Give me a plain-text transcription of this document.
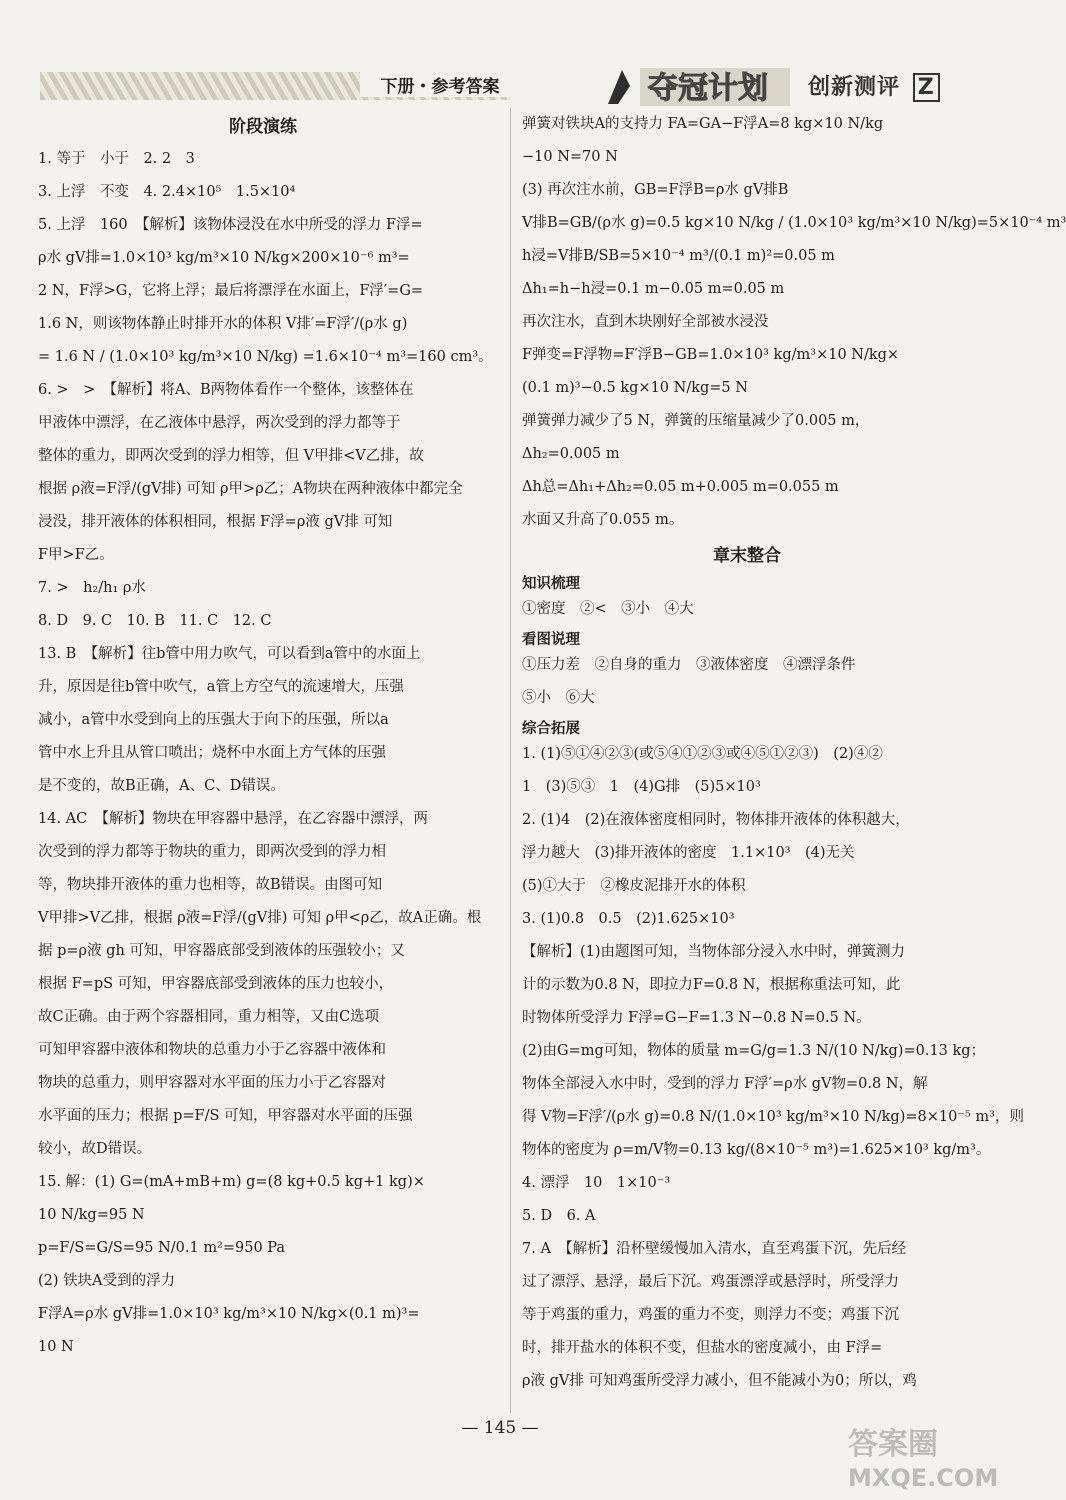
下册・参考答案	夺冠计划 创新测评 Z
阶段演练
1. 等于　小于　2. 2　3
3. 上浮　不变　4. 2.4×10⁵　1.5×10⁴
5. 上浮　160　【解析】该物体浸没在水中所受的浮力 F浮=
ρ水 gV排=1.0×10³ kg/m³×10 N/kg×200×10⁻⁶ m³=
2 N，F浮>G，它将上浮；最后将漂浮在水面上，F浮′=G=
1.6 N，则该物体静止时排开水的体积 V排′=F浮′/(ρ水 g)
= 1.6 N / (1.0×10³ kg/m³×10 N/kg) =1.6×10⁻⁴ m³=160 cm³。
6. >　>　【解析】将A、B两物体看作一个整体，该整体在
甲液体中漂浮，在乙液体中悬浮，两次受到的浮力都等于
整体的重力，即两次受到的浮力相等，但 V甲排<V乙排，故
根据 ρ液=F浮/(gV排) 可知 ρ甲>ρ乙；A物块在两种液体中都完全
浸没，排开液体的体积相同，根据 F浮=ρ液 gV排 可知
F甲>F乙。
7. >　h₂/h₁ ρ水
8. D　9. C　10. B　11. C　12. C
13. B　【解析】往b管中用力吹气，可以看到a管中的水面上
升，原因是往b管中吹气，a管上方空气的流速增大，压强
减小，a管中水受到向上的压强大于向下的压强，所以a
管中水上升且从管口喷出；烧杯中水面上方气体的压强
是不变的，故B正确，A、C、D错误。
14. AC　【解析】物块在甲容器中悬浮，在乙容器中漂浮，两
次受到的浮力都等于物块的重力，即两次受到的浮力相
等，物块排开液体的重力也相等，故B错误。由图可知
V甲排>V乙排，根据 ρ液=F浮/(gV排) 可知 ρ甲<ρ乙，故A正确。根
据 p=ρ液 gh 可知，甲容器底部受到液体的压强较小；又
根据 F=pS 可知，甲容器底部受到液体的压力也较小，
故C正确。由于两个容器相同，重力相等，又由C选项
可知甲容器中液体和物块的总重力小于乙容器中液体和
物块的总重力，则甲容器对水平面的压力小于乙容器对
水平面的压力；根据 p=F/S 可知，甲容器对水平面的压强
较小，故D错误。
15. 解：(1) G=(mA+mB+m) g=(8 kg+0.5 kg+1 kg)×
10 N/kg=95 N
p=F/S=G/S=95 N/0.1 m²=950 Pa
(2) 铁块A受到的浮力
F浮A=ρ水 gV排=1.0×10³ kg/m³×10 N/kg×(0.1 m)³=
10 N
弹簧对铁块A的支持力 FA=GA−F浮A=8 kg×10 N/kg
−10 N=70 N
(3) 再次注水前，GB=F浮B=ρ水 gV排B
V排B=GB/(ρ水 g)=0.5 kg×10 N/kg / (1.0×10³ kg/m³×10 N/kg)=5×10⁻⁴ m³
h浸=V排B/SB=5×10⁻⁴ m³/(0.1 m)²=0.05 m
Δh₁=h−h浸=0.1 m−0.05 m=0.05 m
再次注水，直到木块刚好全部被水浸没
F弹变=F浮物=F′浮B−GB=1.0×10³ kg/m³×10 N/kg×
(0.1 m)³−0.5 kg×10 N/kg=5 N
弹簧弹力减少了5 N，弹簧的压缩量减少了0.005 m，
Δh₂=0.005 m
Δh总=Δh₁+Δh₂=0.05 m+0.005 m=0.055 m
水面又升高了0.055 m。
章末整合
知识梳理
①密度　②<　③小　④大
看图说理
①压力差　②自身的重力　③液体密度　④漂浮条件
⑤小　⑥大
综合拓展
1. (1)⑤①④②③(或⑤④①②③或④⑤①②③)　(2)④②
1　(3)⑤③　1　(4)G排　(5)5×10³
2. (1)4　(2)在液体密度相同时，物体排开液体的体积越大，
浮力越大　(3)排开液体的密度　1.1×10³　(4)无关
(5)①大于　②橡皮泥排开水的体积
3. (1)0.8　0.5　(2)1.625×10³
【解析】(1)由题图可知，当物体部分浸入水中时，弹簧测力
计的示数为0.8 N，即拉力F=0.8 N，根据称重法可知，此
时物体所受浮力 F浮=G−F=1.3 N−0.8 N=0.5 N。
(2)由G=mg可知，物体的质量 m=G/g=1.3 N/(10 N/kg)=0.13 kg；
物体全部浸入水中时，受到的浮力 F浮′=ρ水 gV物=0.8 N，解
得 V物=F浮′/(ρ水 g)=0.8 N/(1.0×10³ kg/m³×10 N/kg)=8×10⁻⁵ m³，则
物体的密度为 ρ=m/V物=0.13 kg/(8×10⁻⁵ m³)=1.625×10³ kg/m³。
4. 漂浮　10　1×10⁻³
5. D　6. A
7. A　【解析】沿杯壁缓慢加入清水，直至鸡蛋下沉，先后经
过了漂浮、悬浮，最后下沉。鸡蛋漂浮或悬浮时，所受浮力
等于鸡蛋的重力，鸡蛋的重力不变，则浮力不变；鸡蛋下沉
时，排开盐水的体积不变，但盐水的密度减小，由 F浮=
ρ液 gV排 可知鸡蛋所受浮力减小，但不能减小为0；所以，鸡
— 145 —	答案圈
MXQE.COM
